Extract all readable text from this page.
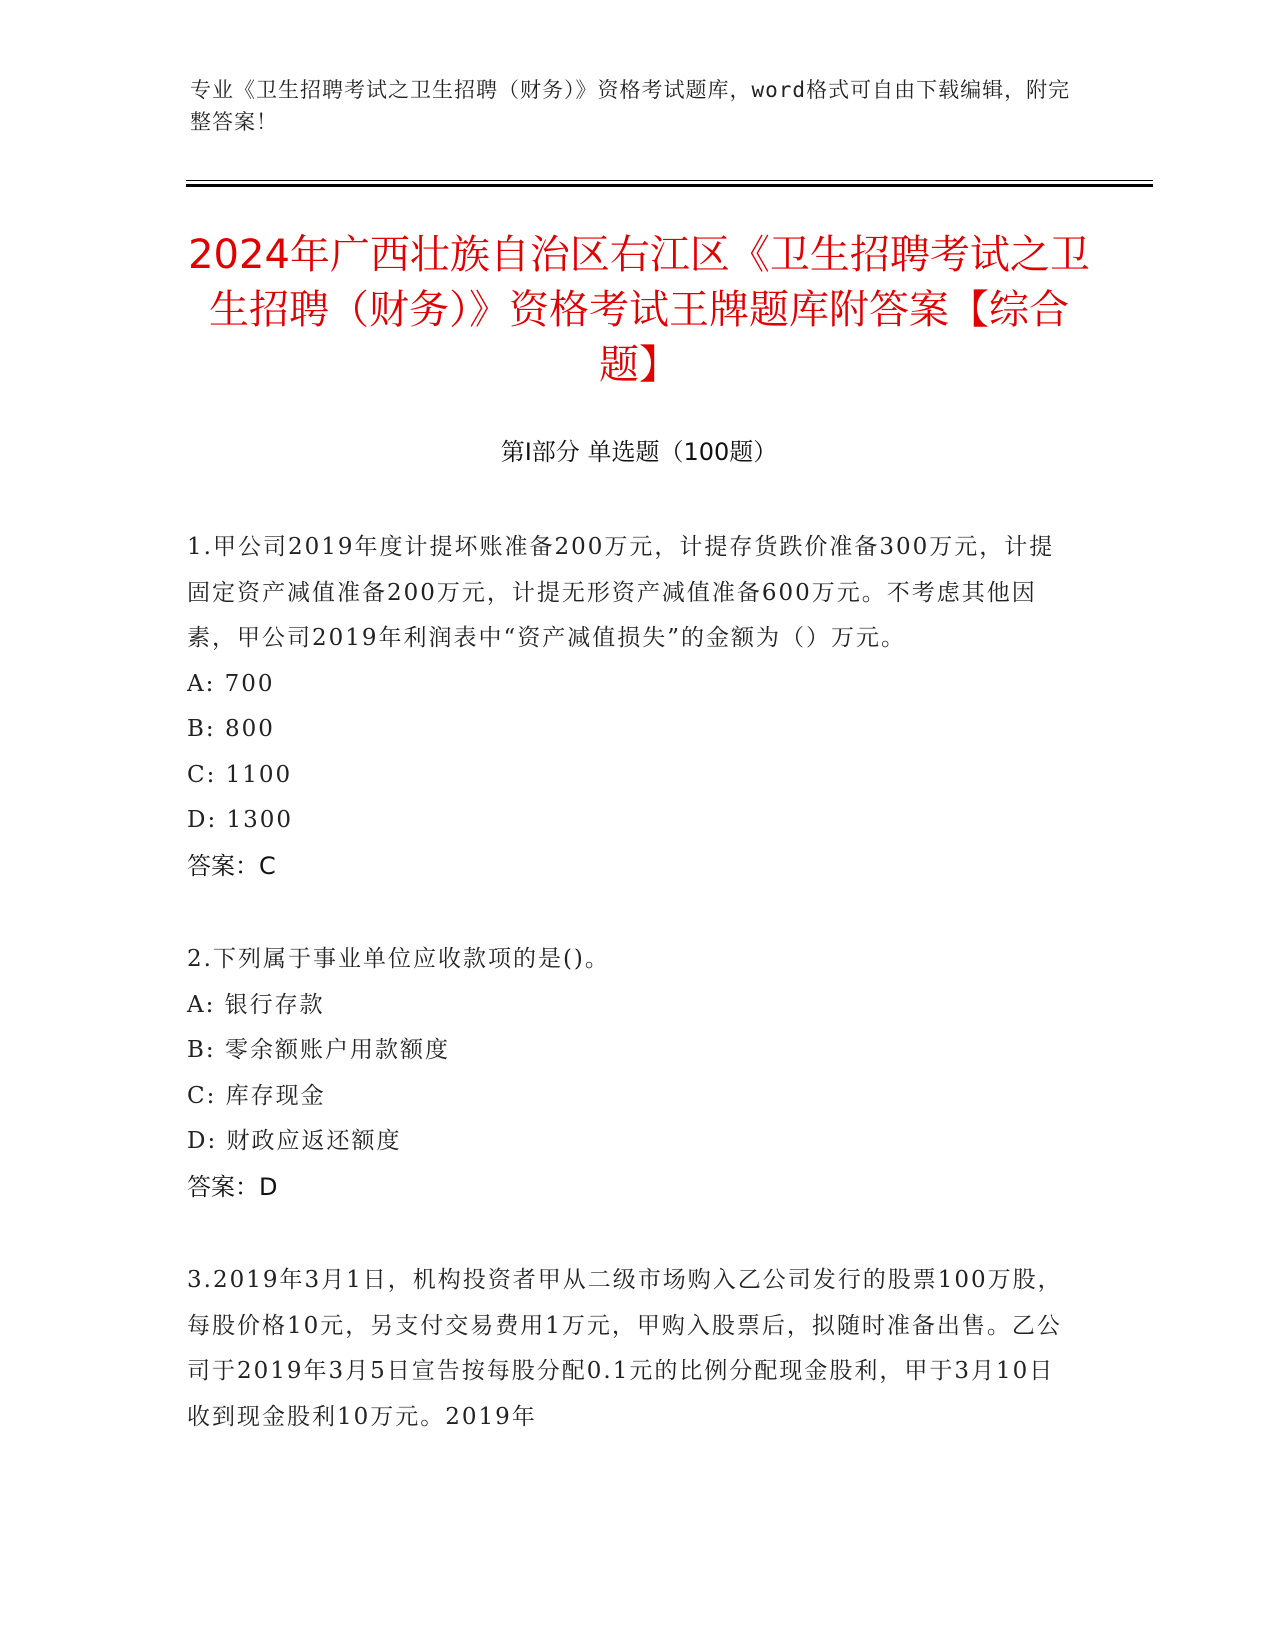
专业《卫生招聘考试之卫生招聘（财务）》资格考试题库，word格式可自由下载编辑，附完整答案！
2024年广西壮族自治区右江区《卫生招聘考试之卫生招聘（财务）》资格考试王牌题库附答案【综合题】
第Ⅰ部分 单选题（100题）

1.甲公司2019年度计提坏账准备200万元，计提存货跌价准备300万元，计提固定资产减值准备200万元，计提无形资产减值准备600万元。不考虑其他因素，甲公司2019年利润表中“资产减值损失”的金额为（）万元。

A: 700

B: 800

C: 1100

D: 1300

答案：C

2.下列属于事业单位应收款项的是()。

A: 银行存款

B: 零余额账户用款额度

C: 库存现金

D: 财政应返还额度

答案：D

3.2019年3月1日，机构投资者甲从二级市场购入乙公司发行的股票100万股，每股价格10元，另支付交易费用1万元，甲购入股票后，拟随时准备出售。乙公司于2019年3月5日宣告按每股分配0.1元的比例分配现金股利，甲于3月10日收到现金股利10万元。2019年
